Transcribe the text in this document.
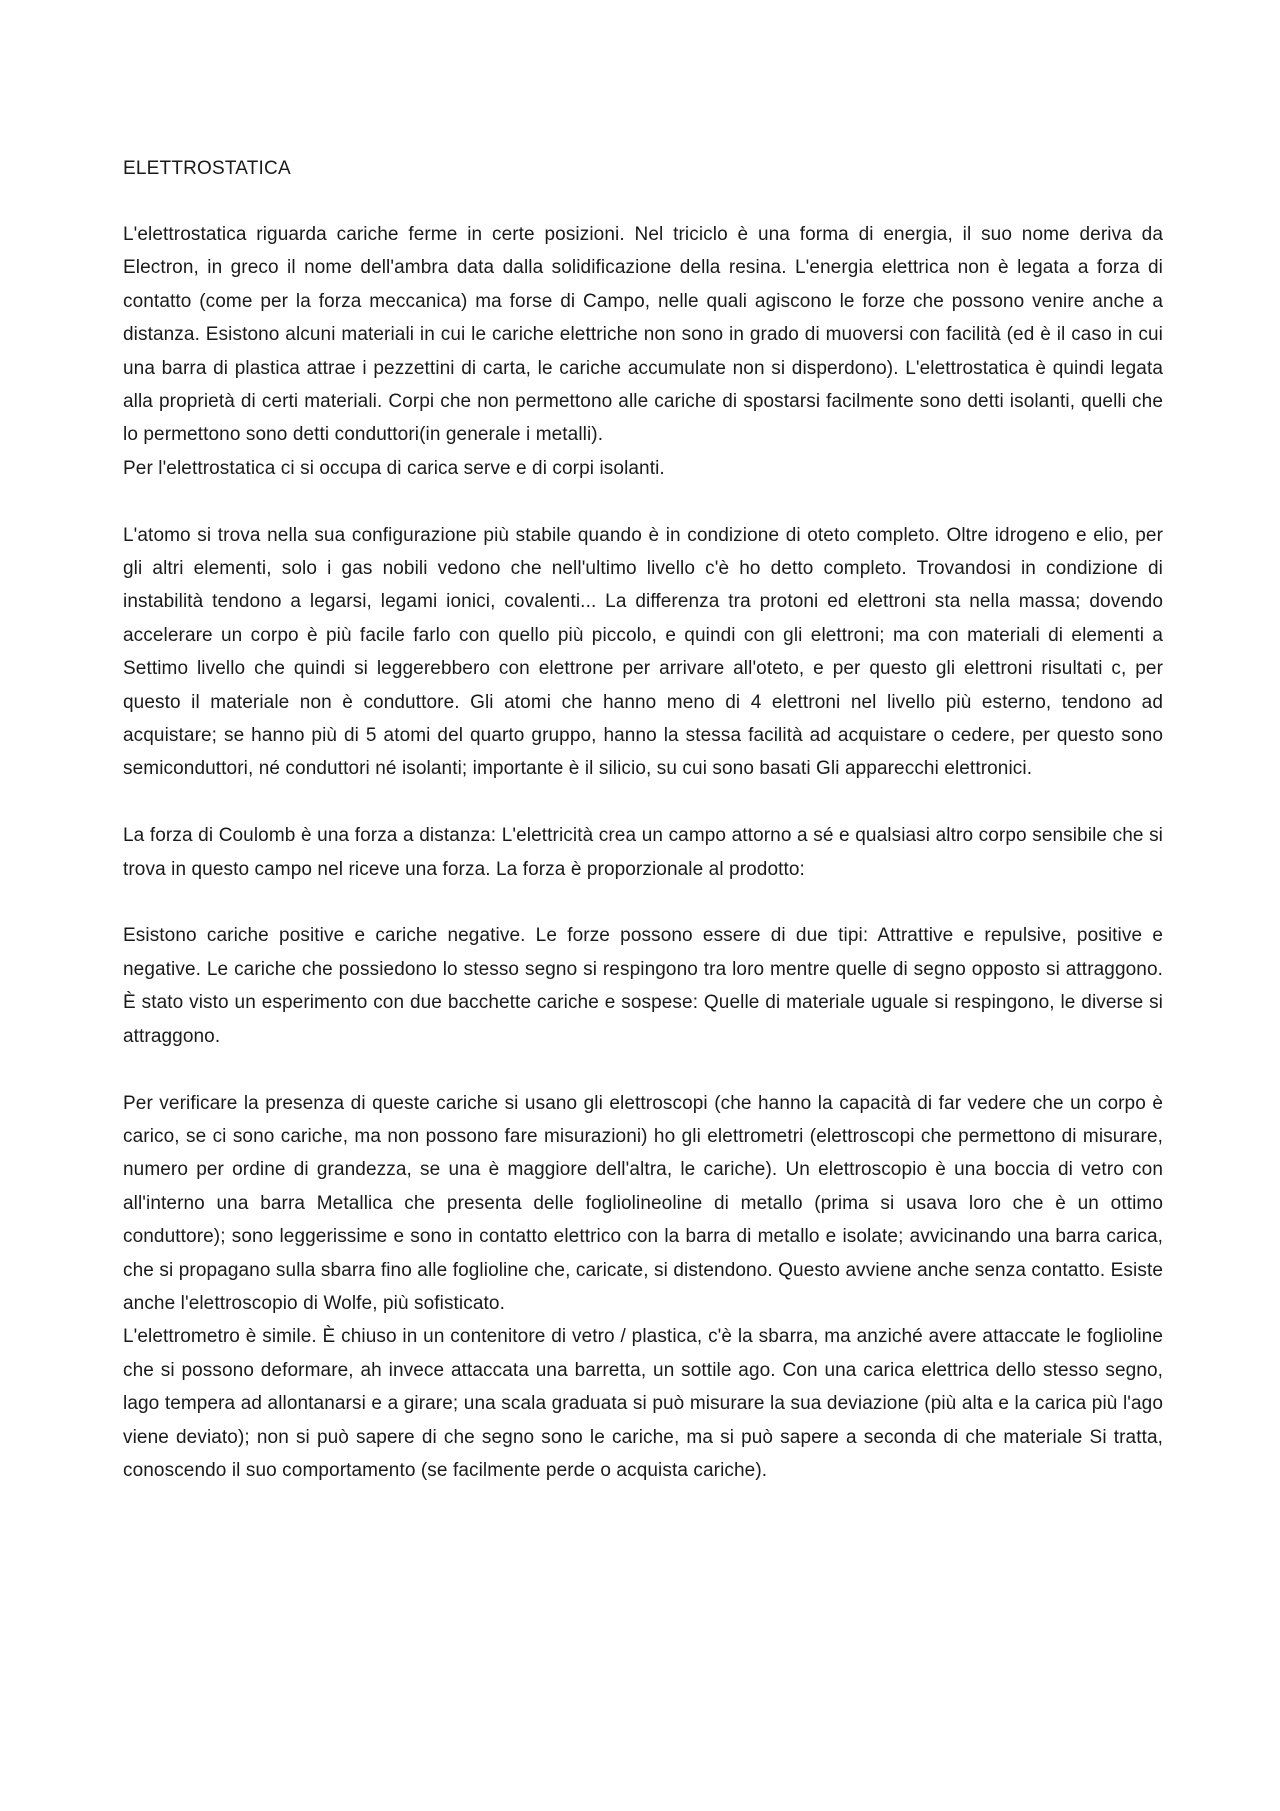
ELETTROSTATICA

L'elettrostatica riguarda cariche ferme in certe posizioni. Nel triciclo è una forma di energia, il suo nome deriva da Electron, in greco il nome dell'ambra data dalla solidificazione della resina. L'energia elettrica non è legata a forza di contatto (come per la forza meccanica) ma forse di Campo, nelle quali agiscono le forze che possono venire anche a distanza. Esistono alcuni materiali in cui le cariche elettriche non sono in grado di muoversi con facilità (ed è il caso in cui una barra di plastica attrae i pezzettini di carta, le cariche accumulate non si disperdono). L'elettrostatica è quindi legata alla proprietà di certi materiali. Corpi che non permettono alle cariche di spostarsi facilmente sono detti isolanti, quelli che lo permettono sono detti conduttori(in generale i metalli).

Per l'elettrostatica ci si occupa di carica serve e di corpi isolanti.

L'atomo si trova nella sua configurazione più stabile quando è in condizione di oteto completo. Oltre idrogeno e elio, per gli altri elementi, solo i gas nobili vedono che nell'ultimo livello c'è ho detto completo. Trovandosi in condizione di instabilità tendono a legarsi, legami ionici, covalenti... La differenza tra protoni ed elettroni sta nella massa; dovendo accelerare un corpo è più facile farlo con quello più piccolo, e quindi con gli elettroni; ma con materiali di elementi a Settimo livello che quindi si leggerebbero con elettrone per arrivare all'oteto, e per questo gli elettroni risultati c, per questo il materiale non è conduttore. Gli atomi che hanno meno di 4 elettroni nel livello più esterno, tendono ad acquistare; se hanno più di 5 atomi del quarto gruppo, hanno la stessa facilità ad acquistare o cedere, per questo sono semiconduttori, né conduttori né isolanti; importante è il silicio, su cui sono basati Gli apparecchi elettronici.

La forza di Coulomb è una forza a distanza: L'elettricità crea un campo attorno a sé e qualsiasi altro corpo sensibile che si trova in questo campo nel riceve una forza. La forza è proporzionale al prodotto:

Esistono cariche positive e cariche negative. Le forze possono essere di due tipi: Attrattive e repulsive, positive e negative. Le cariche che possiedono lo stesso segno si respingono tra loro mentre quelle di segno opposto si attraggono. È stato visto un esperimento con due bacchette cariche e sospese: Quelle di materiale uguale si respingono, le diverse si attraggono.

Per verificare la presenza di queste cariche si usano gli elettroscopi (che hanno la capacità di far vedere che un corpo è carico, se ci sono cariche, ma non possono fare misurazioni) ho gli elettrometri (elettroscopi che permettono di misurare, numero per ordine di grandezza, se una è maggiore dell'altra, le cariche). Un elettroscopio è una boccia di vetro con all'interno una barra Metallica che presenta delle fogliolineoline di metallo (prima si usava loro che è un ottimo conduttore); sono leggerissime e sono in contatto elettrico con la barra di metallo e isolate; avvicinando una barra carica, che si propagano sulla sbarra fino alle foglioline che, caricate, si distendono. Questo avviene anche senza contatto. Esiste anche l'elettroscopio di Wolfe, più sofisticato.

L'elettrometro è simile. È chiuso in un contenitore di vetro / plastica, c'è la sbarra, ma anziché avere attaccate le foglioline che si possono deformare, ah invece attaccata una barretta, un sottile ago. Con una carica elettrica dello stesso segno, lago tempera ad allontanarsi e a girare; una scala graduata si può misurare la sua deviazione (più alta e la carica più l'ago viene deviato); non si può sapere di che segno sono le cariche, ma si può sapere a seconda di che materiale Si tratta, conoscendo il suo comportamento (se facilmente perde o acquista cariche).
